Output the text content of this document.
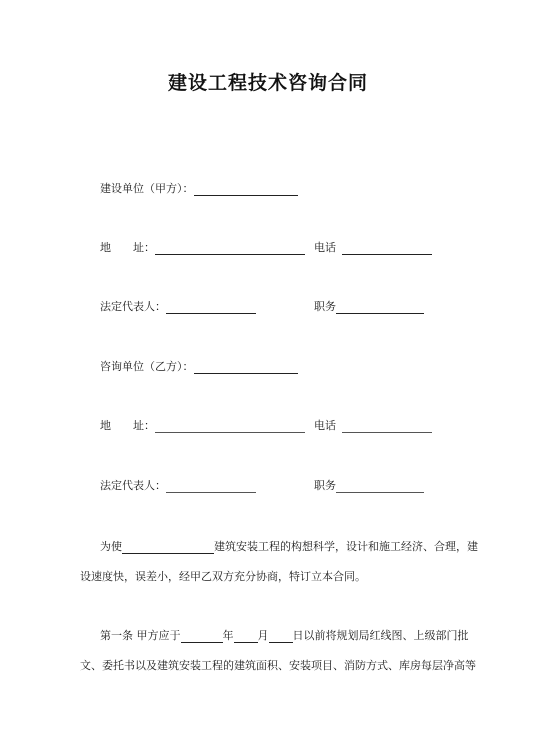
建设工程技术咨询合同
建设单位（甲方）：
地　　址：	电话
法定代表人：	职务
咨询单位（乙方）：
地　　址：	电话
法定代表人：	职务
为使	建筑安装工程的构想科学，设计和施工经济、合理，建
设速度快，误差小，经甲乙双方充分协商，特订立本合同。
第一条 甲方应于	年 月 日以前将规划局红线图、上级部门批
文、委托书以及建筑安装工程的建筑面积、安装项目、消防方式、库房每层净高等
